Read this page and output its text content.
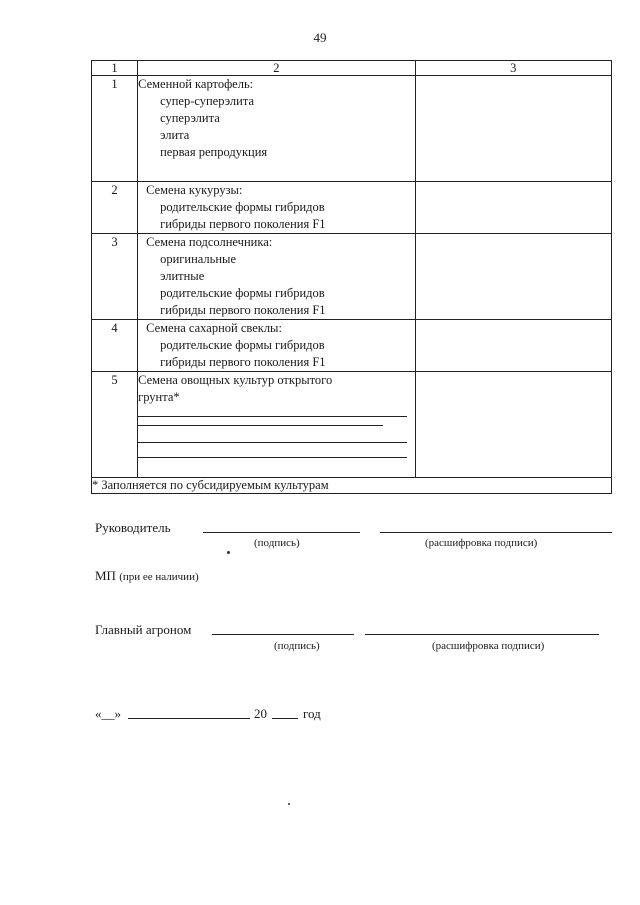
49
1	2	3
1	Семенной картофель:
супер-суперэлита
суперэлита
элита
первая репродукция	

2	Семена кукурузы:
родительские формы гибридов
гибриды первого поколения F1	

3	Семена подсолнечника:
оригинальные
элитные
родительские формы гибридов
гибриды первого поколения F1	

4	Семена сахарной свеклы:
родительские формы гибридов
гибриды первого поколения F1	

5	Семена овощных культур открытого грунта*	

* Заполняется по субсидируемым культурам		
Руководитель
(подпись)	(расшифровка подписи)
МП (при ее наличии)
Главный агроном
(подпись)	(расшифровка подписи)
«__»	20	год
